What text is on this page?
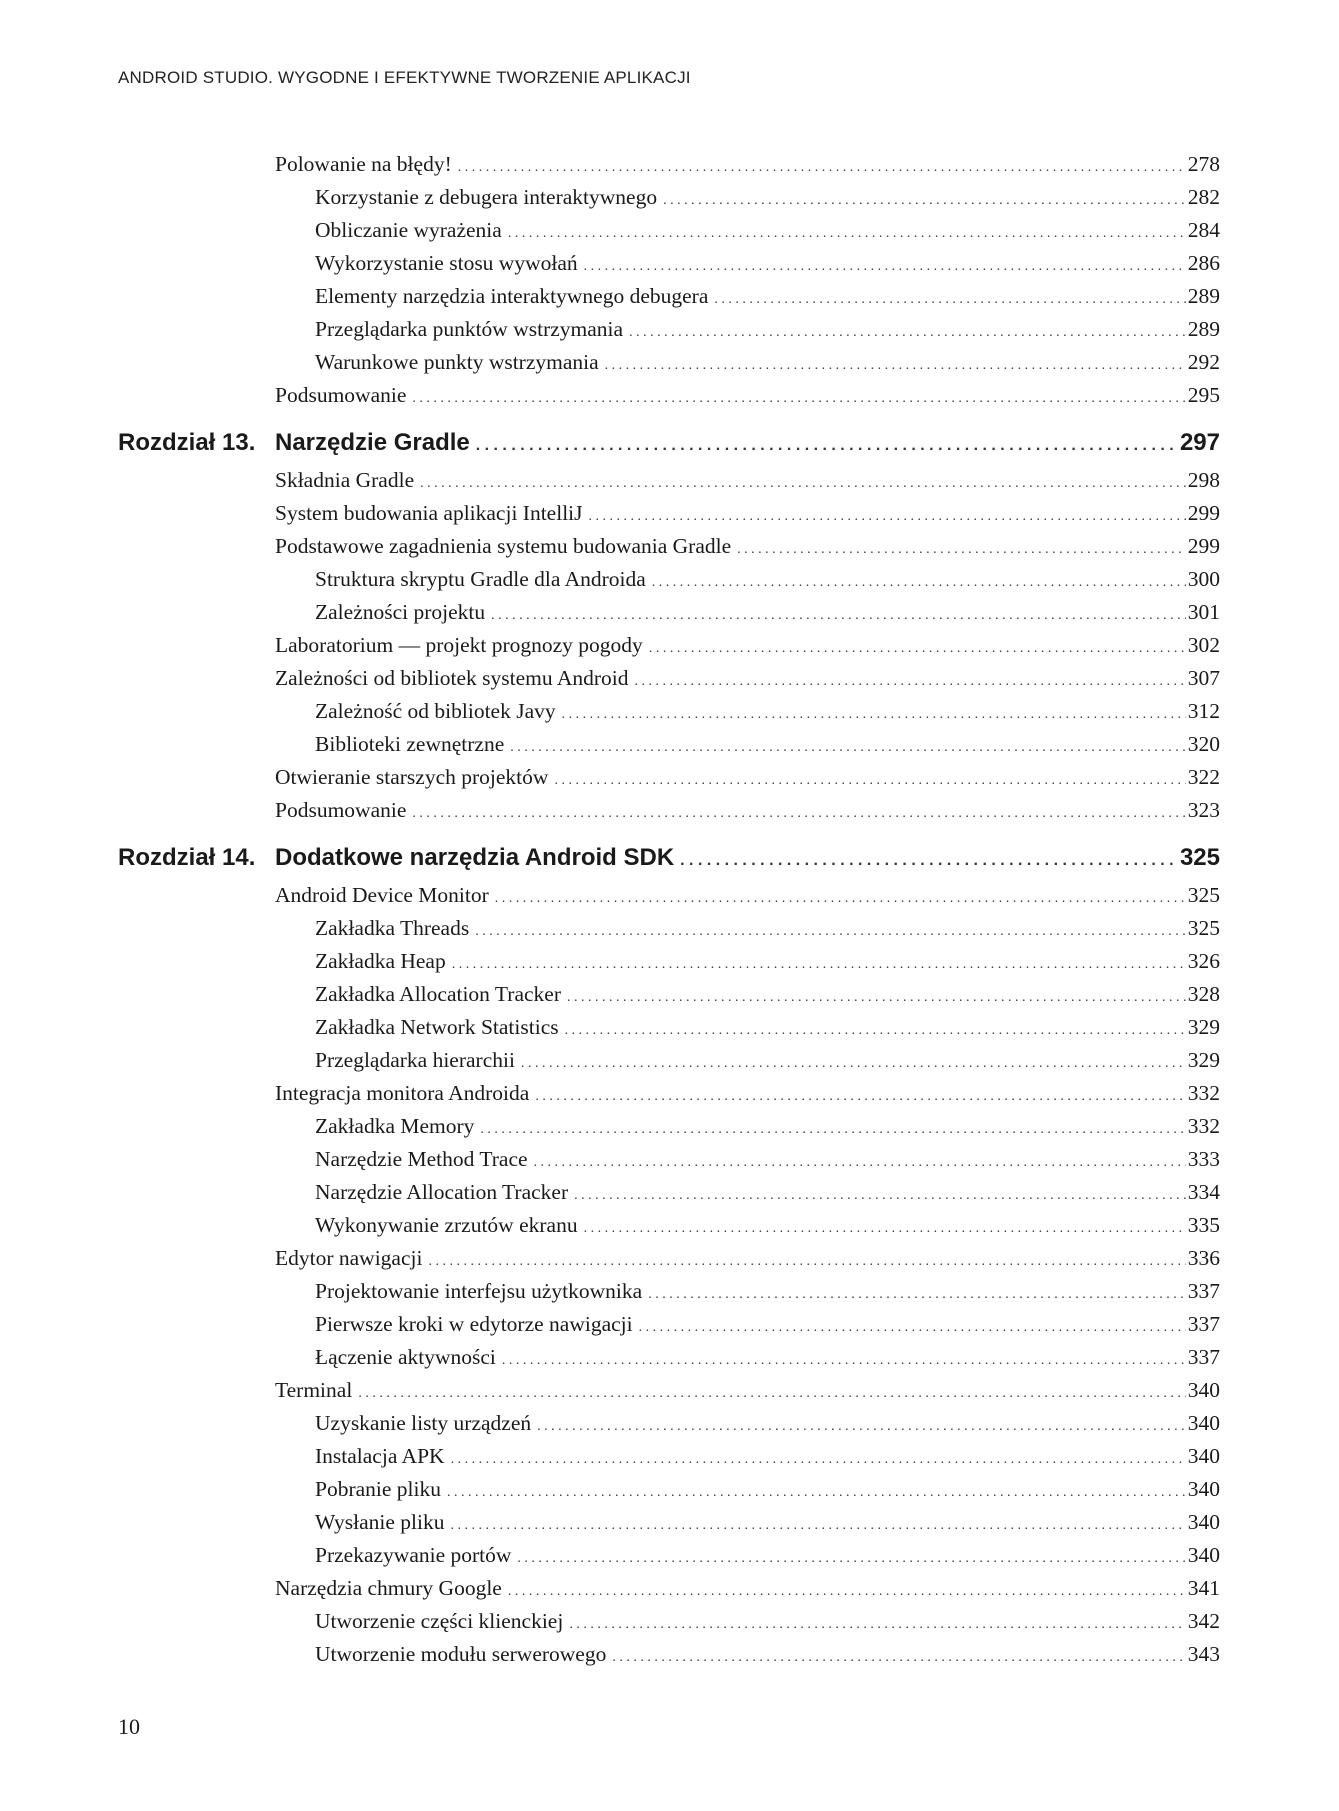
ANDROID STUDIO. WYGODNE I EFEKTYWNE TWORZENIE APLIKACJI
Polowanie na błędy! . . .	278
Korzystanie z debugera interaktywnego . . .	282
Obliczanie wyrażenia . . .	284
Wykorzystanie stosu wywołań . . .	286
Elementy narzędzia interaktywnego debugera . . .	289
Przeglądarka punktów wstrzymania . . .	289
Warunkowe punkty wstrzymania . . .	292
Podsumowanie . . .	295
Rozdział 13. Narzędzie Gradle . . .	297
Składnia Gradle . . .	298
System budowania aplikacji IntelliJ . . .	299
Podstawowe zagadnienia systemu budowania Gradle . . .	299
Struktura skryptu Gradle dla Androida . . .	300
Zależności projektu . . .	301
Laboratorium — projekt prognozy pogody . . .	302
Zależności od bibliotek systemu Android . . .	307
Zależność od bibliotek Javy . . .	312
Biblioteki zewnętrzne . . .	320
Otwieranie starszych projektów . . .	322
Podsumowanie . . .	323
Rozdział 14. Dodatkowe narzędzia Android SDK . . .	325
Android Device Monitor . . .	325
Zakładka Threads . . .	325
Zakładka Heap . . .	326
Zakładka Allocation Tracker . . .	328
Zakładka Network Statistics . . .	329
Przeglądarka hierarchii . . .	329
Integracja monitora Androida . . .	332
Zakładka Memory . . .	332
Narzędzie Method Trace . . .	333
Narzędzie Allocation Tracker . . .	334
Wykonywanie zrzutów ekranu . . .	335
Edytor nawigacji . . .	336
Projektowanie interfejsu użytkownika . . .	337
Pierwsze kroki w edytorze nawigacji . . .	337
Łączenie aktywności . . .	337
Terminal . . .	340
Uzyskanie listy urządzeń . . .	340
Instalacja APK . . .	340
Pobranie pliku . . .	340
Wysłanie pliku . . .	340
Przekazywanie portów . . .	340
Narzędzia chmury Google . . .	341
Utworzenie części klienckiej . . .	342
Utworzenie modułu serwerowego . . .	343
10
